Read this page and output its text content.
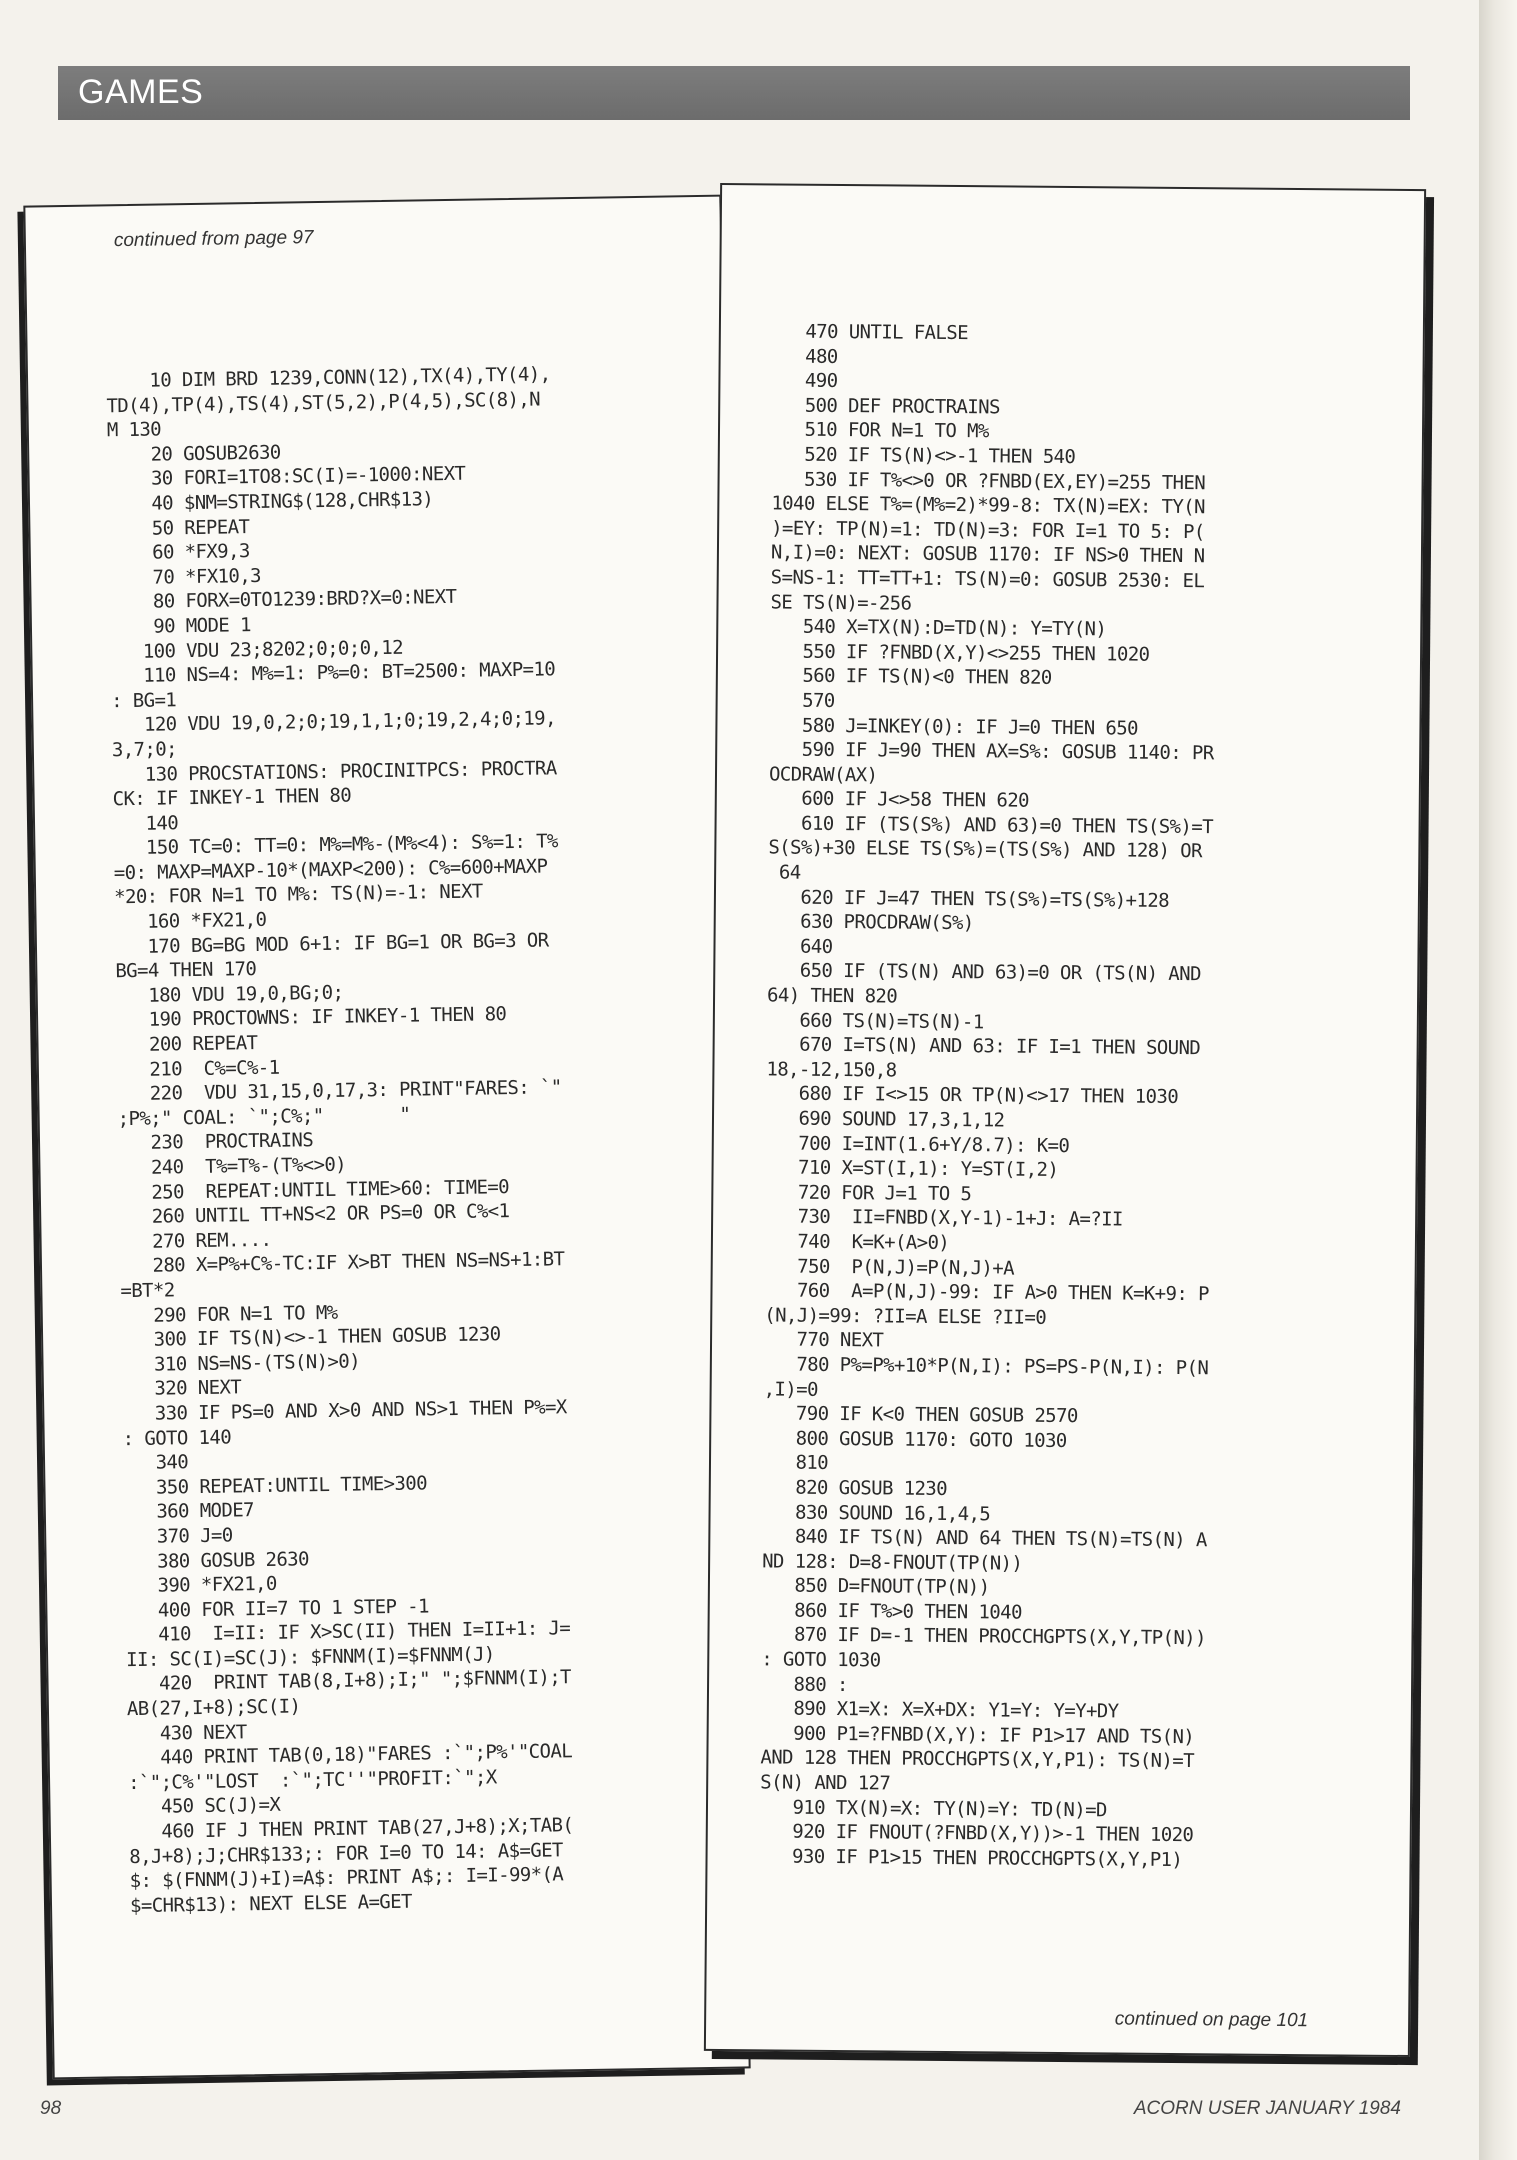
GAMES
continued from page 97
10 DIM BRD 1239,CONN(12),TX(4),TY(4),
TD(4),TP(4),TS(4),ST(5,2),P(4,5),SC(8),N
M 130
20 GOSUB2630
30 FORI=1TO8:SC(I)=-1000:NEXT
40 $NM=STRING$(128,CHR$13)
50 REPEAT
60 *FX9,3
70 *FX10,3
80 FORX=0TO1239:BRD?X=0:NEXT
90 MODE 1
100 VDU 23;8202;0;0;0,12
110 NS=4: M%=1: P%=0: BT=2500: MAXP=10
: BG=1
120 VDU 19,0,2;0;19,1,1;0;19,2,4;0;19,
3,7;0;
130 PROCSTATIONS: PROCINITPCS: PROCTRA
CK: IF INKEY-1 THEN 80
140
150 TC=0: TT=0: M%=M%-(M%<4): S%=1: T%
=0: MAXP=MAXP-10*(MAXP<200): C%=600+MAXP
*20: FOR N=1 TO M%: TS(N)=-1: NEXT
160 *FX21,0
170 BG=BG MOD 6+1: IF BG=1 OR BG=3 OR
BG=4 THEN 170
180 VDU 19,0,BG;0;
190 PROCTOWNS: IF INKEY-1 THEN 80
200 REPEAT
210  C%=C%-1
220  VDU 31,15,0,17,3: PRINT"FARES: `"
;P%;" COAL: `";C%;"       "
230  PROCTRAINS
240  T%=T%-(T%<>0)
250  REPEAT:UNTIL TIME>60: TIME=0
260 UNTIL TT+NS<2 OR PS=0 OR C%<1
270 REM....
280 X=P%+C%-TC:IF X>BT THEN NS=NS+1:BT
=BT*2
290 FOR N=1 TO M%
300 IF TS(N)<>-1 THEN GOSUB 1230
310 NS=NS-(TS(N)>0)
320 NEXT
330 IF PS=0 AND X>0 AND NS>1 THEN P%=X
: GOTO 140
340
350 REPEAT:UNTIL TIME>300
360 MODE7
370 J=0
380 GOSUB 2630
390 *FX21,0
400 FOR II=7 TO 1 STEP -1
410  I=II: IF X>SC(II) THEN I=II+1: J=
II: SC(I)=SC(J): $FNNM(I)=$FNNM(J)
420  PRINT TAB(8,I+8);I;" ";$FNNM(I);T
AB(27,I+8);SC(I)
430 NEXT
440 PRINT TAB(0,18)"FARES :`";P%'"COAL
:`";C%'"LOST  :`";TC''"PROFIT:`";X
450 SC(J)=X
460 IF J THEN PRINT TAB(27,J+8);X;TAB(
8,J+8);J;CHR$133;: FOR I=0 TO 14: A$=GET
$: $(FNNM(J)+I)=A$: PRINT A$;: I=I-99*(A
$=CHR$13): NEXT ELSE A=GET
470 UNTIL FALSE
480
490
500 DEF PROCTRAINS
510 FOR N=1 TO M%
520 IF TS(N)<>-1 THEN 540
530 IF T%<>0 OR ?FNBD(EX,EY)=255 THEN
1040 ELSE T%=(M%=2)*99-8: TX(N)=EX: TY(N
)=EY: TP(N)=1: TD(N)=3: FOR I=1 TO 5: P(
N,I)=0: NEXT: GOSUB 1170: IF NS>0 THEN N
S=NS-1: TT=TT+1: TS(N)=0: GOSUB 2530: EL
SE TS(N)=-256
540 X=TX(N):D=TD(N): Y=TY(N)
550 IF ?FNBD(X,Y)<>255 THEN 1020
560 IF TS(N)<0 THEN 820
570
580 J=INKEY(0): IF J=0 THEN 650
590 IF J=90 THEN AX=S%: GOSUB 1140: PR
OCDRAW(AX)
600 IF J<>58 THEN 620
610 IF (TS(S%) AND 63)=0 THEN TS(S%)=T
S(S%)+30 ELSE TS(S%)=(TS(S%) AND 128) OR
64
620 IF J=47 THEN TS(S%)=TS(S%)+128
630 PROCDRAW(S%)
640
650 IF (TS(N) AND 63)=0 OR (TS(N) AND
64) THEN 820
660 TS(N)=TS(N)-1
670 I=TS(N) AND 63: IF I=1 THEN SOUND
18,-12,150,8
680 IF I<>15 OR TP(N)<>17 THEN 1030
690 SOUND 17,3,1,12
700 I=INT(1.6+Y/8.7): K=0
710 X=ST(I,1): Y=ST(I,2)
720 FOR J=1 TO 5
730  II=FNBD(X,Y-1)-1+J: A=?II
740  K=K+(A>0)
750  P(N,J)=P(N,J)+A
760  A=P(N,J)-99: IF A>0 THEN K=K+9: P
(N,J)=99: ?II=A ELSE ?II=0
770 NEXT
780 P%=P%+10*P(N,I): PS=PS-P(N,I): P(N
,I)=0
790 IF K<0 THEN GOSUB 2570
800 GOSUB 1170: GOTO 1030
810
820 GOSUB 1230
830 SOUND 16,1,4,5
840 IF TS(N) AND 64 THEN TS(N)=TS(N) A
ND 128: D=8-FNOUT(TP(N))
850 D=FNOUT(TP(N))
860 IF T%>0 THEN 1040
870 IF D=-1 THEN PROCCHGPTS(X,Y,TP(N))
: GOTO 1030
880 :
890 X1=X: X=X+DX: Y1=Y: Y=Y+DY
900 P1=?FNBD(X,Y): IF P1>17 AND TS(N)
AND 128 THEN PROCCHGPTS(X,Y,P1): TS(N)=T
S(N) AND 127
910 TX(N)=X: TY(N)=Y: TD(N)=D
920 IF FNOUT(?FNBD(X,Y))>-1 THEN 1020
930 IF P1>15 THEN PROCCHGPTS(X,Y,P1)
continued on page 101
98	ACORN USER JANUARY 1984
